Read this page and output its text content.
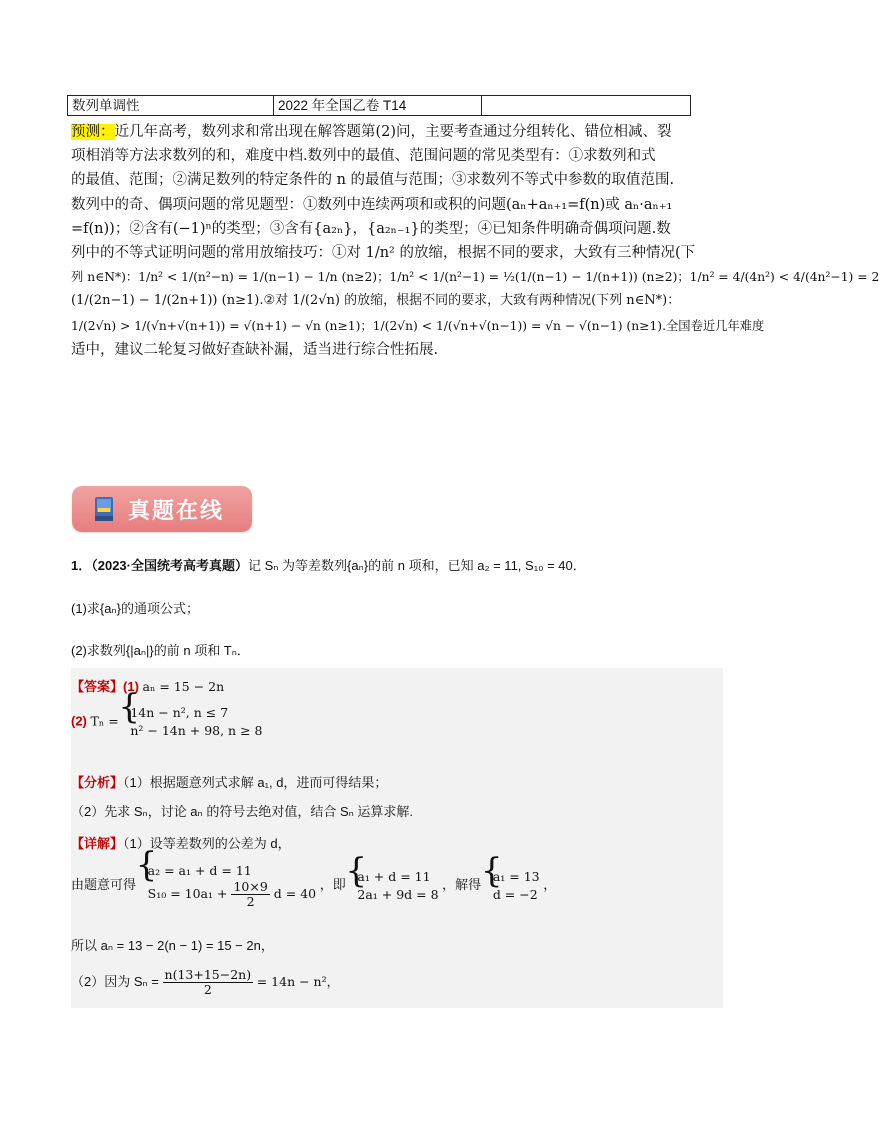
数列单调性	2022 年全国乙卷 T14
预测：近几年高考，数列求和常出现在解答题第(2)问，主要考查通过分组转化、错位相减、裂
项相消等方法求数列的和，难度中档.数列中的最值、范围问题的常见类型有：①求数列和式
的最值、范围；②满足数列的特定条件的 n 的最值与范围；③求数列不等式中参数的取值范围.
数列中的奇、偶项问题的常见题型：①数列中连续两项和或积的问题(aₙ+aₙ₊₁=f(n)或 aₙ·aₙ₊₁
=f(n))；②含有(−1)ⁿ的类型；③含有{a₂ₙ}，{a₂ₙ₋₁}的类型；④已知条件明确奇偶项问题.数
列中的不等式证明问题的常用放缩技巧：①对 1/n² 的放缩，根据不同的要求，大致有三种情况(下
列 n∈N*)：1/n² < 1/(n²−n) = 1/(n−1) − 1/n (n≥2)；1/n² < 1/(n²−1) = ½(1/(n−1) − 1/(n+1)) (n≥2)；1/n² = 4/(4n²) < 4/(4n²−1) = 2
(1/(2n−1) − 1/(2n+1)) (n≥1).②对 1/(2√n) 的放缩，根据不同的要求，大致有两种情况(下列 n∈N*)：
1/(2√n) > 1/(√n+√(n+1)) = √(n+1) − √n (n≥1)；1/(2√n) < 1/(√n+√(n−1)) = √n − √(n−1) (n≥1).全国卷近几年难度
适中，建议二轮复习做好查缺补漏，适当进行综合性拓展.
真题在线
1．（2023·全国统考高考真题）记 Sₙ 为等差数列{aₙ}的前 n 项和，已知 a₂ = 11, S₁₀ = 40．
(1)求{aₙ}的通项公式；
(2)求数列{|aₙ|}的前 n 项和 Tₙ．
【答案】(1) aₙ = 15 − 2n
(2) Tₙ =
{ 14n − n², n ≤ 7
n² − 14n + 98, n ≥ 8
【分析】（1）根据题意列式求解 a₁, d，进而可得结果；
（2）先求 Sₙ，讨论 aₙ 的符号去绝对值，结合 Sₙ 运算求解.
【详解】（1）设等差数列的公差为 d，
由题意可得
{ a₂ = a₁ + d = 11
$S_{10} = 10a_1 + \frac{10\times 9}{2}$ d = 40
，即
{ a₁ + d = 11
2a₁ + 9d = 8
，解得
{ a₁ = 13
d = −2
，
所以 aₙ = 13 − 2(n − 1) = 15 − 2n，
（2）因为 $S_n = \frac{n(13+15-2n)}{2} = 14n - n^2$，
